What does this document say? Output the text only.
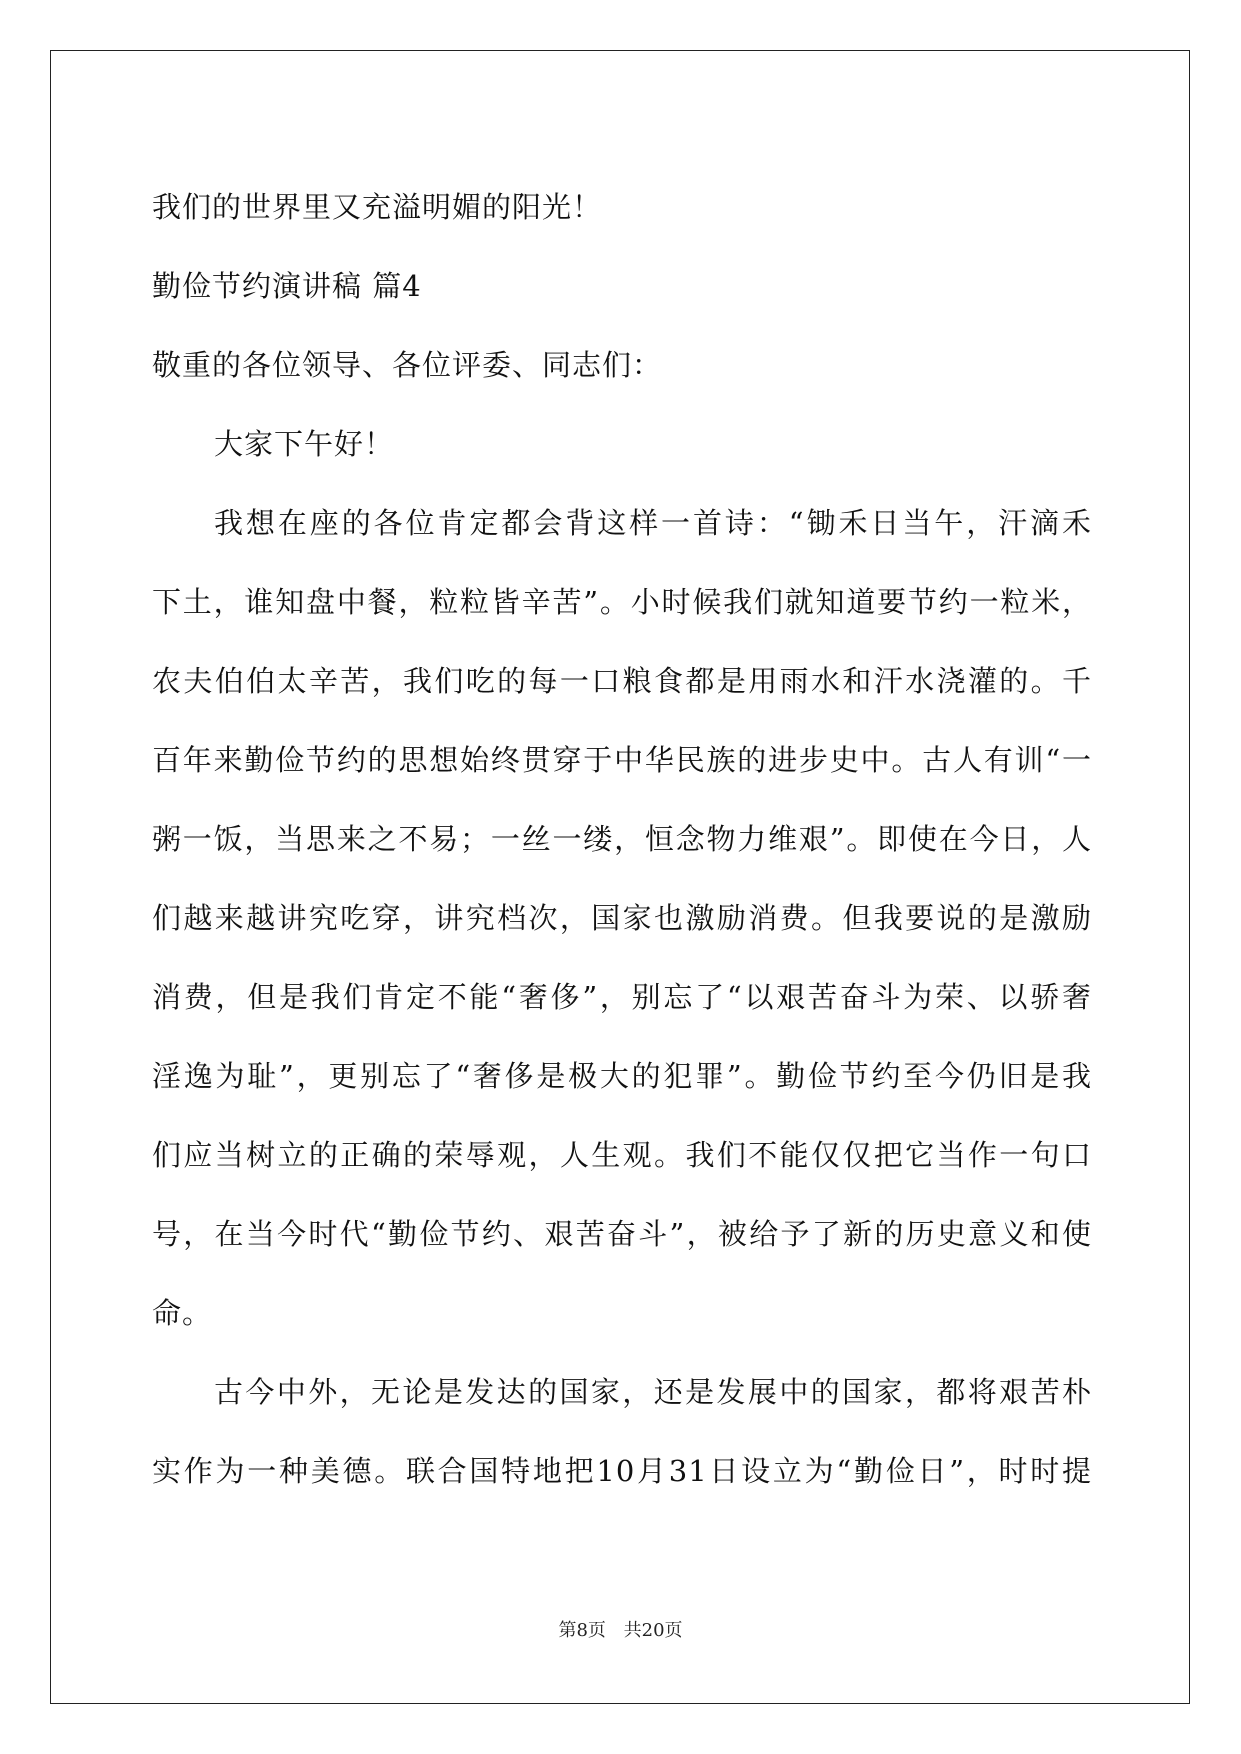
我们的世界里又充溢明媚的阳光！
勤俭节约演讲稿 篇4
敬重的各位领导、各位评委、同志们：
大家下午好！
我想在座的各位肯定都会背这样一首诗：“锄禾日当午，汗滴禾
下土，谁知盘中餐，粒粒皆辛苦”。小时候我们就知道要节约一粒米，
农夫伯伯太辛苦，我们吃的每一口粮食都是用雨水和汗水浇灌的。千
百年来勤俭节约的思想始终贯穿于中华民族的进步史中。古人有训“一
粥一饭，当思来之不易；一丝一缕，恒念物力维艰”。即使在今日，人
们越来越讲究吃穿，讲究档次，国家也激励消费。但我要说的是激励
消费，但是我们肯定不能“奢侈”，别忘了“以艰苦奋斗为荣、以骄奢
淫逸为耻”，更别忘了“奢侈是极大的犯罪”。勤俭节约至今仍旧是我
们应当树立的正确的荣辱观，人生观。我们不能仅仅把它当作一句口
号，在当今时代“勤俭节约、艰苦奋斗”，被给予了新的历史意义和使
命。
古今中外，无论是发达的国家，还是发展中的国家，都将艰苦朴
实作为一种美德。联合国特地把10月31日设立为“勤俭日”，时时提
第8页 共20页
